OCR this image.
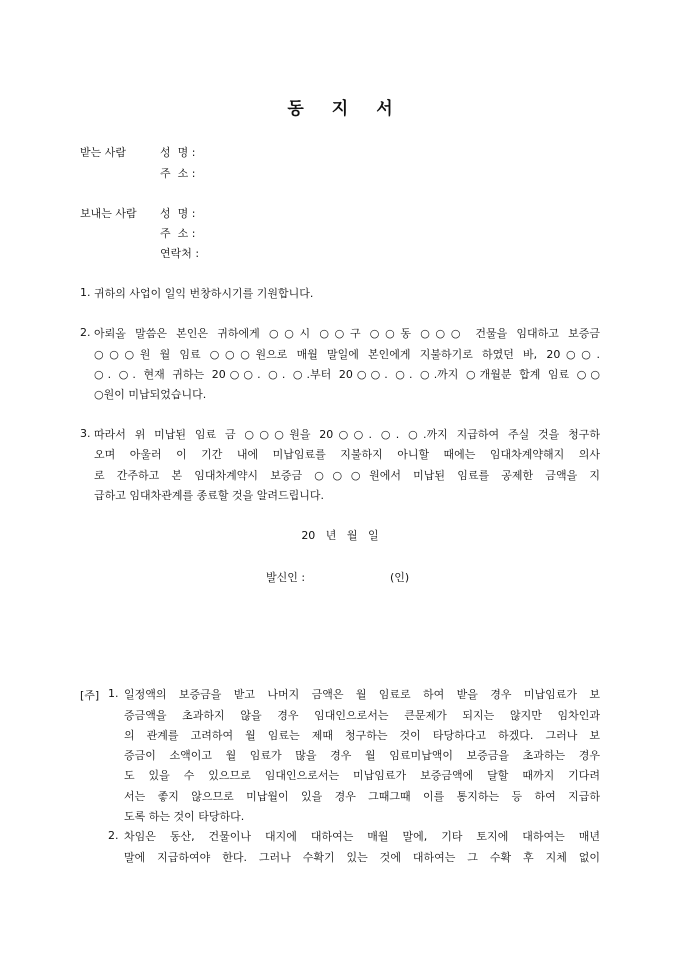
동 지 서
받는 사람	성  명 :
주  소 :
보내는 사람 성  명 :
주  소 :
연락처 :
1. 귀하의 사업이 일익 번창하시기를 기원합니다.
2. 아뢰올 말씀은 본인은 귀하에게 ○○시 ○○구 ○○동 ○○○ 건물을 임대하고 보증금
○○○원 월 임료 ○○○원으로 매월 말일에 본인에게 지불하기로 하였던 바, 20○○.
○. ○. 현재 귀하는 20○○. ○. ○.부터 20○○. ○. ○.까지 ○개월분 합계 임료 ○○
○원이 미납되었습니다.
3. 따라서 위 미납된 임료 금 ○○○원을 20○○. ○. ○.까지 지급하여 주실 것을 청구하
오며 아울러 이 기간 내에 미납임료를 지불하지 아니할 때에는 임대차계약해지 의사
로 간주하고 본 임대차계약시 보증금 ○○○원에서 미납된 임료를 공제한 금액을 지
급하고 임대차관계를 종료할 것을 알려드립니다.
20   년   월   일
발신인 :	(인)
[주] 1. 일정액의 보증금을 받고 나머지 금액은 월 임료로 하여 받을 경우 미납임료가 보
증금액을 초과하지 않을 경우 임대인으로서는 큰문제가 되지는 않지만 임차인과
의 관계를 고려하여 월 임료는 제때 청구하는 것이 타당하다고 하겠다. 그러나 보
증금이 소액이고 월 임료가 많을 경우 월 임료미납액이 보증금을 초과하는 경우
도 있을 수 있으므로 임대인으로서는 미납임료가 보증금액에 달할 때까지 기다려
서는 좋지 않으므로 미납월이 있을 경우 그때그때 이를 통지하는 등 하여 지급하
도록 하는 것이 타당하다.
2. 차임은 동산, 건물이나 대지에 대하여는 매월 말에, 기타 토지에 대하여는 매년
말에 지급하여야 한다. 그러나 수확기 있는 것에 대하여는 그 수확 후 지체 없이
